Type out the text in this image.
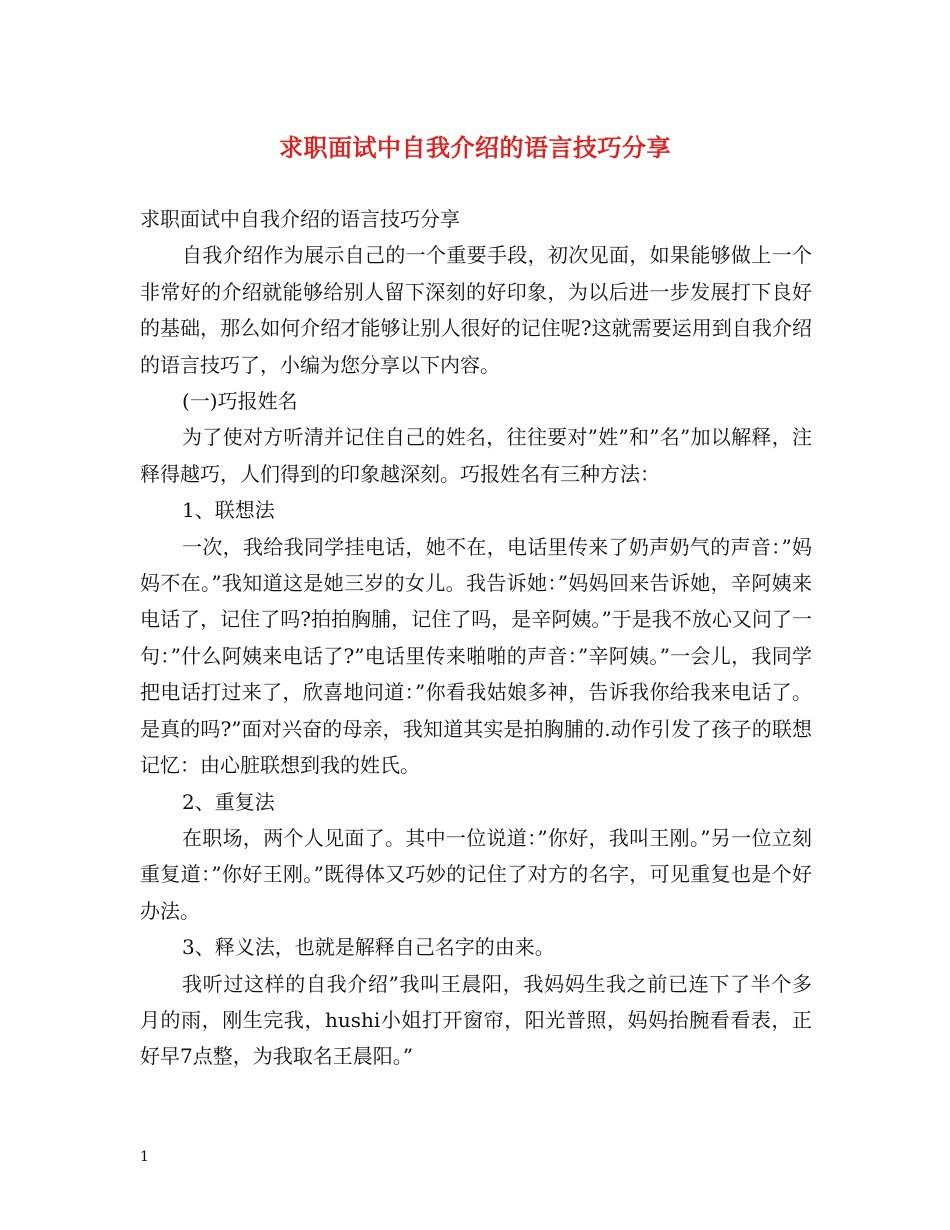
求职面试中自我介绍的语言技巧分享

求职面试中自我介绍的语言技巧分享

自我介绍作为展示自己的一个重要手段，初次见面，如果能够做上一个非常好的介绍就能够给别人留下深刻的好印象，为以后进一步发展打下良好的基础，那么如何介绍才能够让别人很好的记住呢?这就需要运用到自我介绍的语言技巧了，小编为您分享以下内容。

(一)巧报姓名

为了使对方听清并记住自己的姓名，往往要对”姓”和”名”加以解释，注释得越巧，人们得到的印象越深刻。巧报姓名有三种方法：

1、联想法

一次，我给我同学挂电话，她不在，电话里传来了奶声奶气的声音：”妈妈不在。”我知道这是她三岁的女儿。我告诉她：”妈妈回来告诉她，辛阿姨来电话了，记住了吗?拍拍胸脯，记住了吗，是辛阿姨。”于是我不放心又问了一句：”什么阿姨来电话了?”电话里传来啪啪的声音：”辛阿姨。”一会儿，我同学把电话打过来了，欣喜地问道：”你看我姑娘多神，告诉我你给我来电话了。是真的吗?”面对兴奋的母亲，我知道其实是拍胸脯的.动作引发了孩子的联想记忆：由心脏联想到我的姓氏。

2、重复法

在职场，两个人见面了。其中一位说道：”你好，我叫王刚。”另一位立刻重复道：”你好王刚。”既得体又巧妙的记住了对方的名字，可见重复也是个好办法。

3、释义法，也就是解释自己名字的由来。

我听过这样的自我介绍”我叫王晨阳，我妈妈生我之前已连下了半个多月的雨，刚生完我，hushi小姐打开窗帘，阳光普照，妈妈抬腕看看表，正好早7点整，为我取名王晨阳。”

1
